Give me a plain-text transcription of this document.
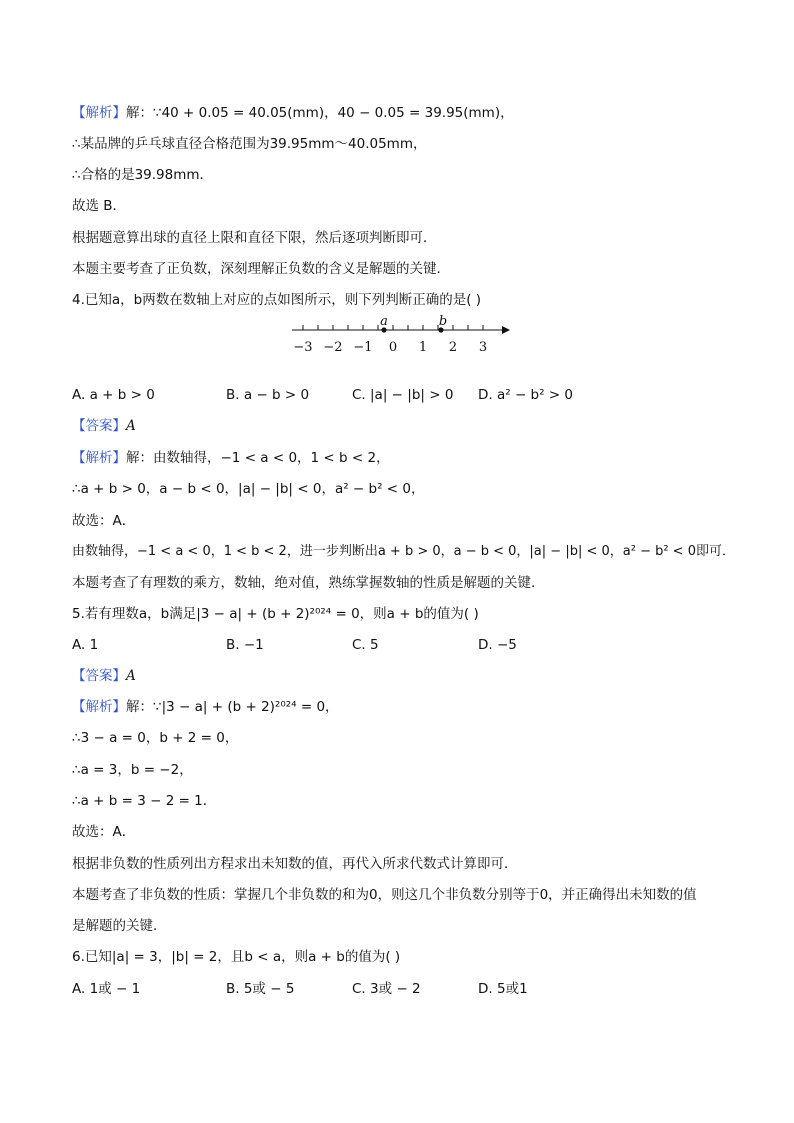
【解析】解：∵40 + 0.05 = 40.05(mm)，40 − 0.05 = 39.95(mm)，
∴某品牌的乒乓球直径合格范围为39.95mm～40.05mm，
∴合格的是39.98mm．
故选 B．
根据题意算出球的直径上限和直径下限，然后逐项判断即可．
本题主要考查了正负数，深刻理解正负数的含义是解题的关键．
4.已知a，b两数在数轴上对应的点如图所示，则下列判断正确的是( )
a	b
−3 −2 −1 0 1 2 3
A. a + b > 0	B. a − b > 0	C. |a| − |b| > 0 D. a² − b² > 0
【答案】A
【解析】解：由数轴得，−1 < a < 0，1 < b < 2，
∴a + b > 0，a − b < 0，|a| − |b| < 0，a² − b² < 0，
故选：A．
由数轴得，−1 < a < 0，1 < b < 2，进一步判断出a + b > 0，a − b < 0，|a| − |b| < 0，a² − b² < 0即可．
本题考查了有理数的乘方，数轴，绝对值，熟练掌握数轴的性质是解题的关键．
5.若有理数a，b满足|3 − a| + (b + 2)²⁰²⁴ = 0，则a + b的值为( )
A. 1	B. −1	C. 5	D. −5
【答案】A
【解析】解：∵|3 − a| + (b + 2)²⁰²⁴ = 0，
∴3 − a = 0，b + 2 = 0，
∴a = 3，b = −2，
∴a + b = 3 − 2 = 1．
故选：A．
根据非负数的性质列出方程求出未知数的值，再代入所求代数式计算即可．
本题考查了非负数的性质：掌握几个非负数的和为0，则这几个非负数分别等于0，并正确得出未知数的值
是解题的关键．
6.已知|a| = 3，|b| = 2，且b < a，则a + b的值为( )
A. 1或 − 1	B. 5或 − 5	C. 3或 − 2	D. 5或1
